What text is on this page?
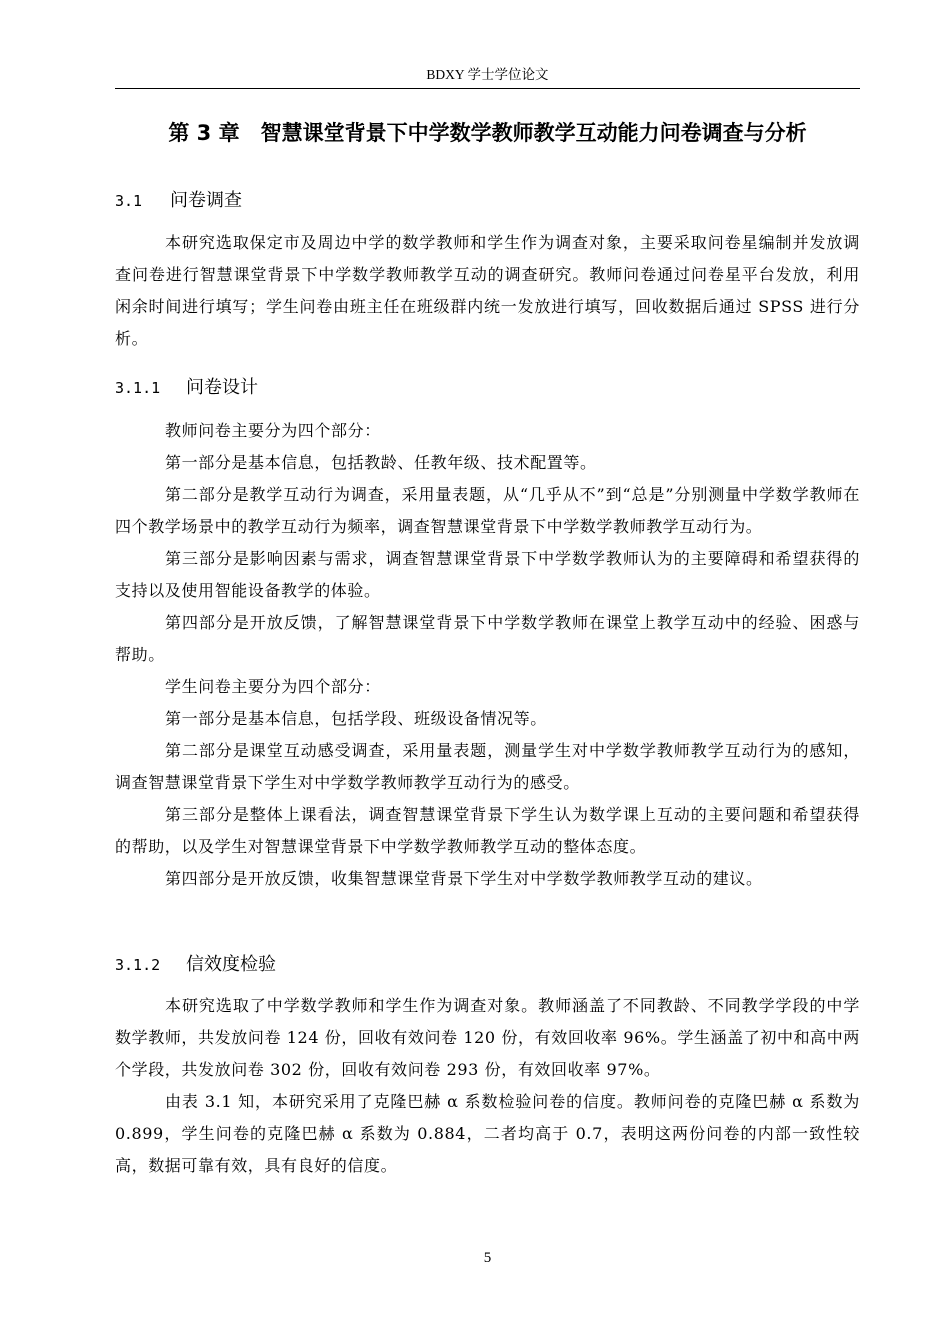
BDXY 学士学位论文
第 3 章　智慧课堂背景下中学数学教师教学互动能力问卷调查与分析
3.1 问卷调查

本研究选取保定市及周边中学的数学教师和学生作为调查对象，主要采取问卷星编制并发放调查问卷进行智慧课堂背景下中学数学教师教学互动的调查研究。教师问卷通过问卷星平台发放，利用闲余时间进行填写；学生问卷由班主任在班级群内统一发放进行填写，回收数据后通过 SPSS 进行分析。

3.1.1 问卷设计

教师问卷主要分为四个部分：

第一部分是基本信息，包括教龄、任教年级、技术配置等。

第二部分是教学互动行为调查，采用量表题，从“几乎从不”到“总是”分别测量中学数学教师在四个教学场景中的教学互动行为频率，调查智慧课堂背景下中学数学教师教学互动行为。

第三部分是影响因素与需求，调查智慧课堂背景下中学数学教师认为的主要障碍和希望获得的支持以及使用智能设备教学的体验。

第四部分是开放反馈，了解智慧课堂背景下中学数学教师在课堂上教学互动中的经验、困惑与帮助。

学生问卷主要分为四个部分：

第一部分是基本信息，包括学段、班级设备情况等。

第二部分是课堂互动感受调查，采用量表题，测量学生对中学数学教师教学互动行为的感知，调查智慧课堂背景下学生对中学数学教师教学互动行为的感受。

第三部分是整体上课看法，调查智慧课堂背景下学生认为数学课上互动的主要问题和希望获得的帮助，以及学生对智慧课堂背景下中学数学教师教学互动的整体态度。

第四部分是开放反馈，收集智慧课堂背景下学生对中学数学教师教学互动的建议。

3.1.2 信效度检验

本研究选取了中学数学教师和学生作为调查对象。教师涵盖了不同教龄、不同教学学段的中学数学教师，共发放问卷 124 份，回收有效问卷 120 份，有效回收率 96%。学生涵盖了初中和高中两个学段，共发放问卷 302 份，回收有效问卷 293 份，有效回收率 97%。

由表 3.1 知，本研究采用了克隆巴赫 α 系数检验问卷的信度。教师问卷的克隆巴赫 α 系数为 0.899，学生问卷的克隆巴赫 α 系数为 0.884，二者均高于 0.7，表明这两份问卷的内部一致性较高，数据可靠有效，具有良好的信度。

5
